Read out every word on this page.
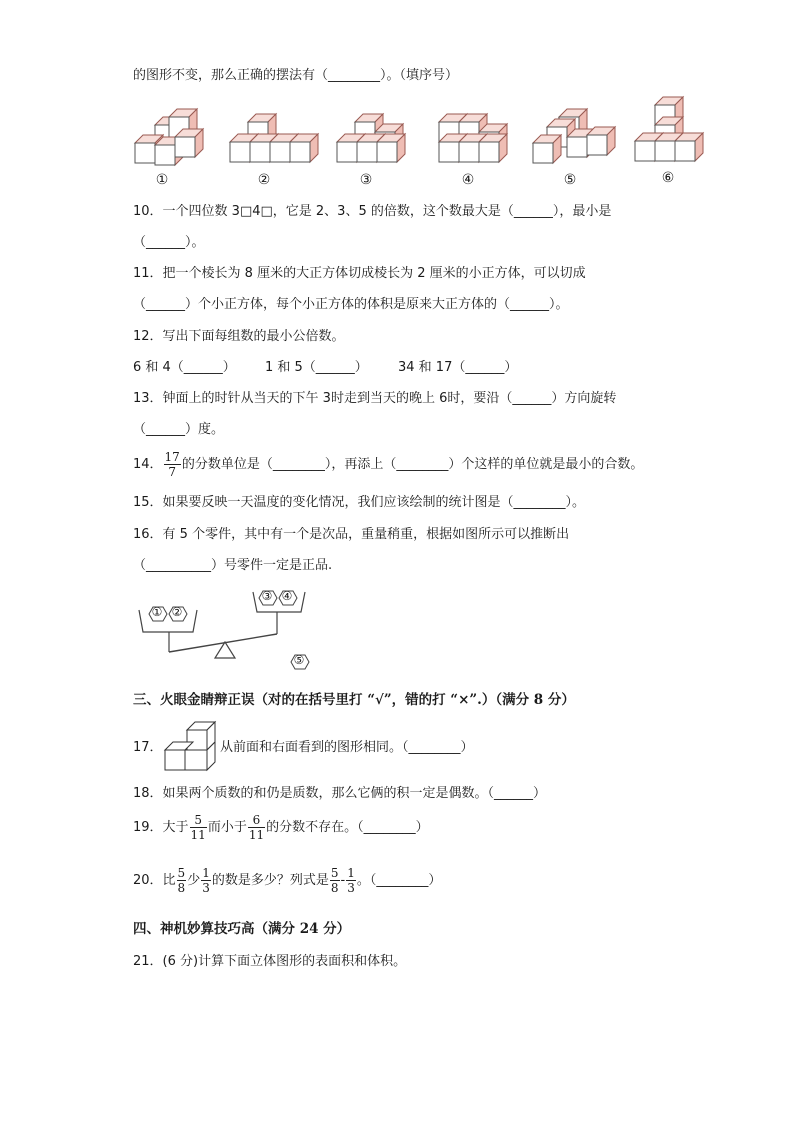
的图形不变，那么正确的摆法有（________）。（填序号）
①	②	③	④	⑤	⑥
10．一个四位数 3□4□，它是 2、3、5 的倍数，这个数最大是（______），最小是
（______）。
11．把一个棱长为 8 厘米的大正方体切成棱长为 2 厘米的小正方体，可以切成
（______）个小正方体，每个小正方体的体积是原来大正方体的（______）。
12．写出下面每组数的最小公倍数。
6 和 4（______） 1 和 5（______） 34 和 17（______）
13．钟面上的时针从当天的下午 3时走到当天的晚上 6时，要沿（______）方向旋转
（______）度。
14． $\frac{17}{7}$ 的分数单位是（________），再添上（________）个这样的单位就是最小的合数。
15．如果要反映一天温度的变化情况，我们应该绘制的统计图是（________）。
16．有 5 个零件，其中有一个是次品，重量稍重，根据如图所示可以推断出
（__________）号零件一定是正品.
① ②
③ ④
⑤
三、火眼金睛辩正误（对的在括号里打 “√”，错的打 “×”.）（满分 8 分）
17．	从前面和右面看到的图形相同。（________）
18．如果两个质数的和仍是质数，那么它俩的积一定是偶数。（______）
19．大于 $\frac{5}{11}$ 而小于 $\frac{6}{11}$ 的分数不存在。（________）
20．比 $\frac{5}{8}$ 少 $\frac{1}{3}$ 的数是多少？列式是 $\frac{5}{8} - \frac{1}{3}$ 。（________）
四、神机妙算技巧高（满分 24 分）
21．(6 分)计算下面立体图形的表面积和体积。
